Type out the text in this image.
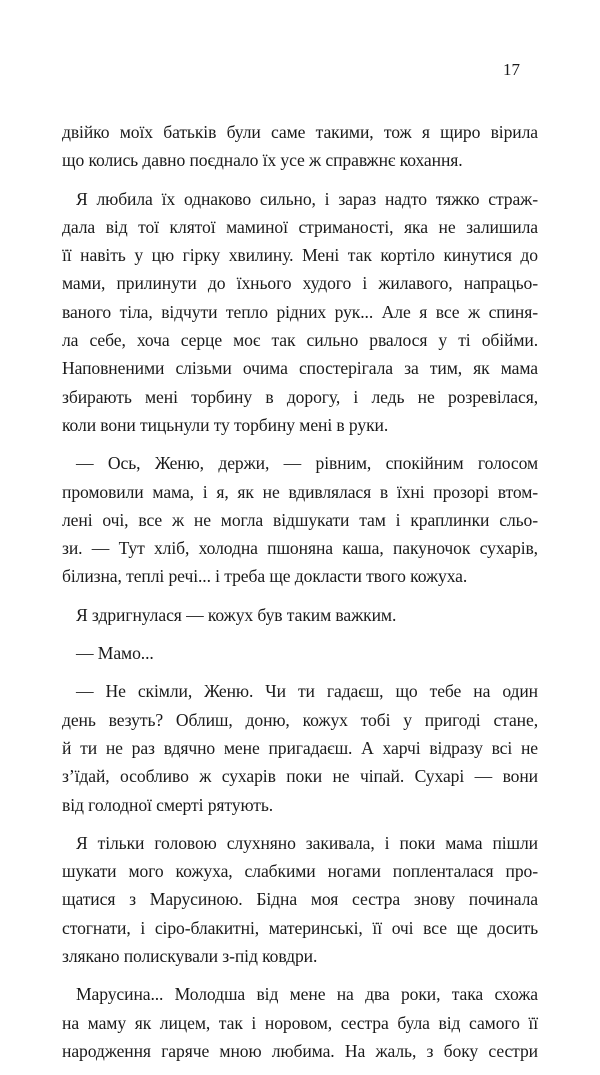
17
двійко моїх батьків були саме такими, тож я щиро вірила
що колись давно поєднало їх усе ж справжнє кохання.
Я любила їх однаково сильно, і зараз надто тяжко страж-
дала від тої клятої маминої стриманості, яка не залишила
її навіть у цю гірку хвилину. Мені так кортіло кинутися до
мами, прилинути до їхнього худого і жилавого, напрацьо-
ваного тіла, відчути тепло рідних рук... Але я все ж спиня-
ла себе, хоча серце моє так сильно рвалося у ті обійми.
Наповненими слізьми очима спостерігала за тим, як мама
збирають мені торбину в дорогу, і ледь не розревілася,
коли вони тицьнули ту торбину мені в руки.
— Ось, Женю, держи, — рівним, спокійним голосом
промовили мама, і я, як не вдивлялася в їхні прозорі втом-
лені очі, все ж не могла відшукати там і краплинки сльо-
зи. — Тут хліб, холодна пшоняна каша, пакуночок сухарів,
білизна, теплі речі... і треба ще докласти твого кожуха.
Я здригнулася — кожух був таким важким.
— Мамо...
— Не скімли, Женю. Чи ти гадаєш, що тебе на один
день везуть? Облиш, доню, кожух тобі у пригоді стане,
й ти не раз вдячно мене пригадаєш. А харчі відразу всі не
з’їдай, особливо ж сухарів поки не чіпай. Сухарі — вони
від голодної смерті рятують.
Я тільки головою слухняно закивала, і поки мама пішли
шукати мого кожуха, слабкими ногами попленталася про-
щатися з Марусиною. Бідна моя сестра знову починала
стогнати, і сіро-блакитні, материнські, її очі все ще досить
злякано полискували з-під ковдри.
Марусина... Молодша від мене на два роки, така схожа
на маму як лицем, так і норовом, сестра була від самого її
народження гаряче мною любима. На жаль, з боку сестри
